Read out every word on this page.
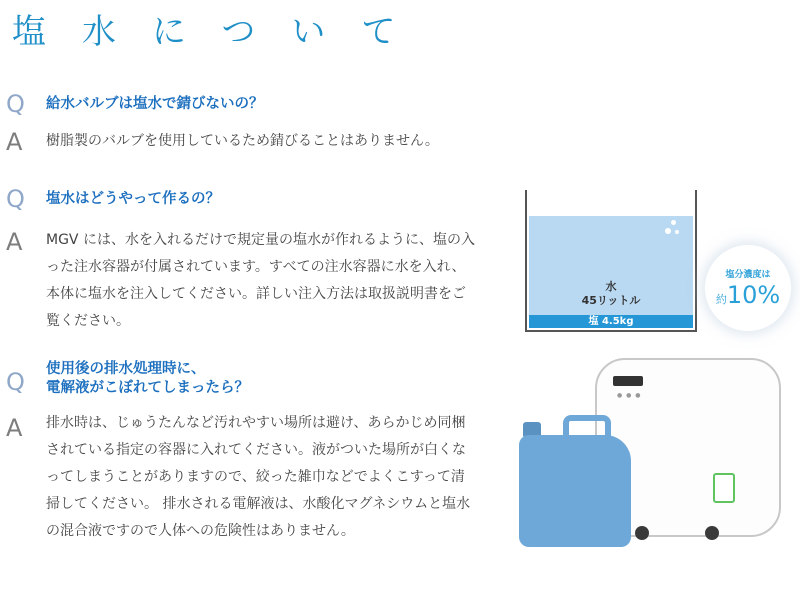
塩水について
Q 給水バルブは塩水で錆びないの？
A 樹脂製のバルブを使用しているため錆びることはありません。
Q 塩水はどうやって作るの？
A MGV には、水を入れるだけで規定量の塩水が作れるように、塩の入った注水容器が付属されています。すべての注水容器に水を入れ、本体に塩水を注入してください。詳しい注入方法は取扱説明書をご覧ください。
Q 使用後の排水処理時に、
電解液がこぼれてしまったら？
A 排水時は、じゅうたんなど汚れやすい場所は避け、あらかじめ同梱されている指定の容器に入れてください。液がついた場所が白くなってしまうことがありますので、絞った雑巾などでよくこすって清掃してください。 排水される電解液は、水酸化マグネシウムと塩水の混合液ですので人体への危険性はありません。
水
45リットル
塩 4.5kg
塩分濃度は
約10%
● ● ●
